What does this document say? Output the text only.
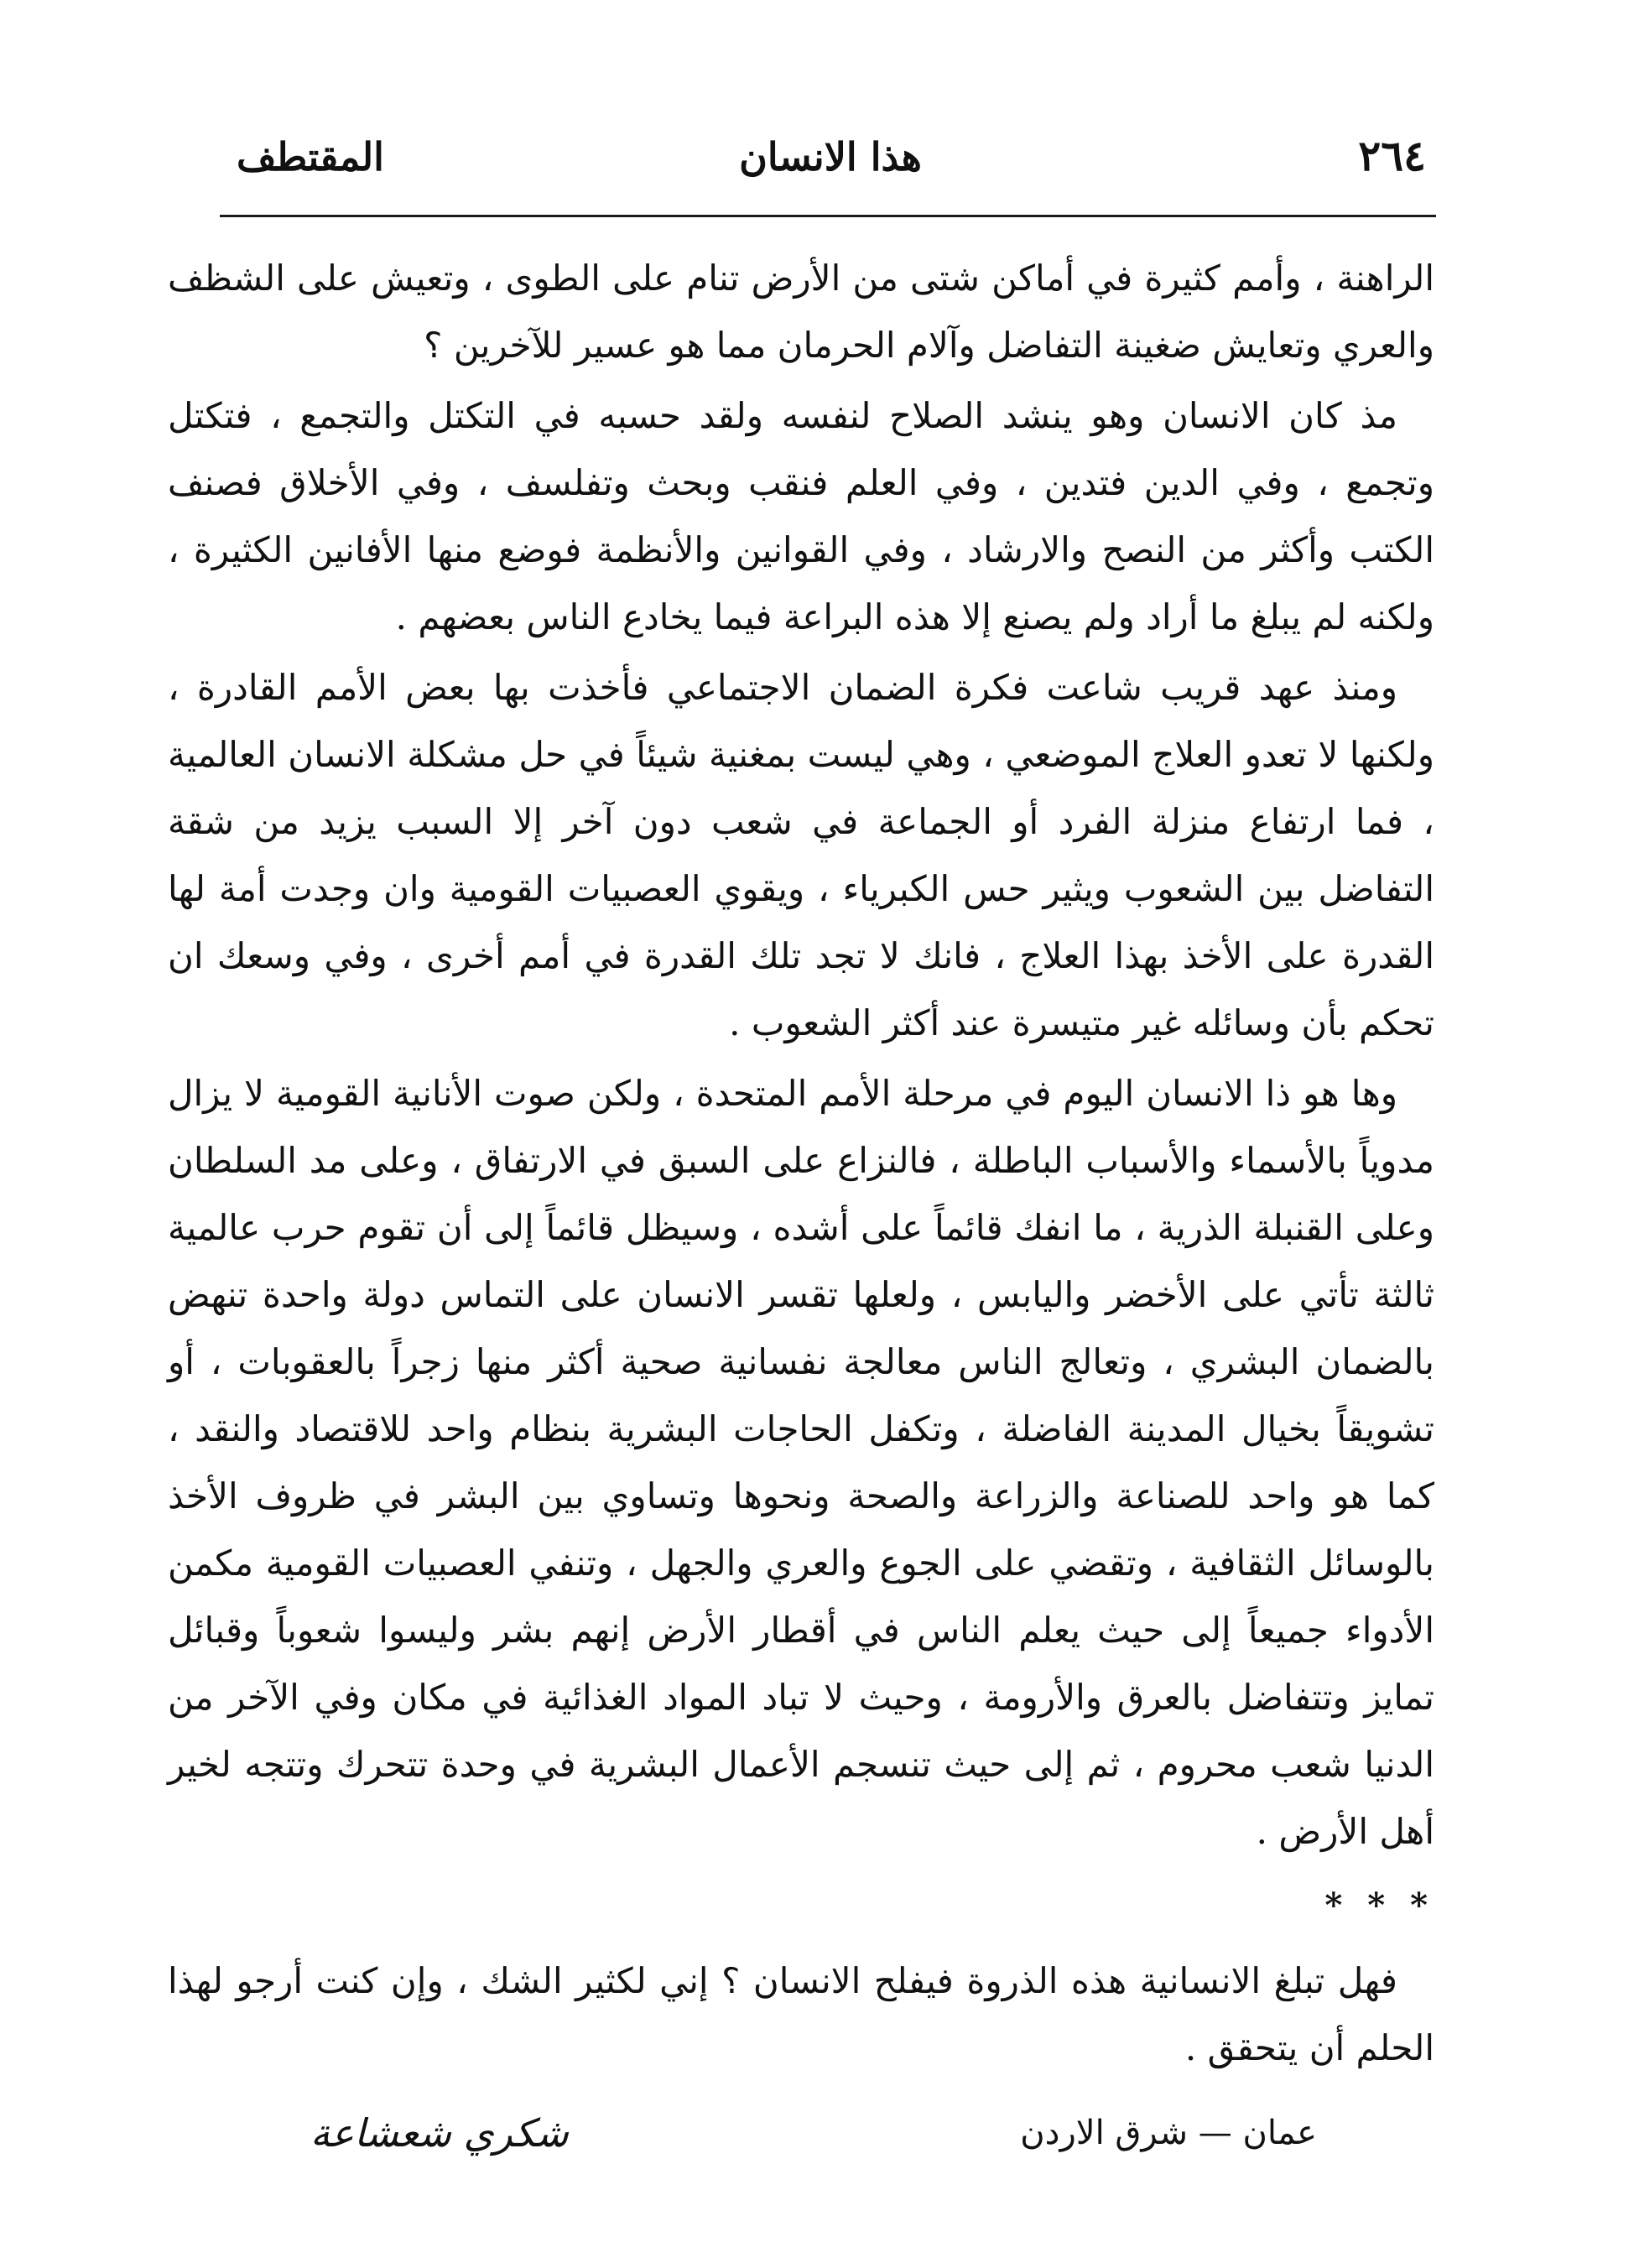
المقتطف	هذا الانسان	٢٦٤

الراهنة ، وأمم كثيرة في أماكن شتى من الأرض تنام على الطوى ، وتعيش على الشظف والعري وتعايش ضغينة التفاضل وآلام الحرمان مما هو عسير للآخرين ؟

مذ كان الانسان وهو ينشد الصلاح لنفسه ولقد حسبه في التكتل والتجمع ، فتكتل وتجمع ، وفي الدين فتدين ، وفي العلم فنقب وبحث وتفلسف ، وفي الأخلاق فصنف الكتب وأكثر من النصح والارشاد ، وفي القوانين والأنظمة فوضع منها الأفانين الكثيرة ، ولكنه لم يبلغ ما أراد ولم يصنع إلا هذه البراعة فيما يخادع الناس بعضهم .

ومنذ عهد قريب شاعت فكرة الضمان الاجتماعي فأخذت بها بعض الأمم القادرة ، ولكنها لا تعدو العلاج الموضعي ، وهي ليست بمغنية شيئاً في حل مشكلة الانسان العالمية ، فما ارتفاع منزلة الفرد أو الجماعة في شعب دون آخر إلا السبب يزيد من شقة التفاضل بين الشعوب ويثير حس الكبرياء ، ويقوي العصبيات القومية وان وجدت أمة لها القدرة على الأخذ بهذا العلاج ، فانك لا تجد تلك القدرة في أمم أخرى ، وفي وسعك ان تحكم بأن وسائله غير متيسرة عند أكثر الشعوب .

وها هو ذا الانسان اليوم في مرحلة الأمم المتحدة ، ولكن صوت الأنانية القومية لا يزال مدوياً بالأسماء والأسباب الباطلة ، فالنزاع على السبق في الارتفاق ، وعلى مد السلطان وعلى القنبلة الذرية ، ما انفك قائماً على أشده ، وسيظل قائماً إلى أن تقوم حرب عالمية ثالثة تأتي على الأخضر واليابس ، ولعلها تقسر الانسان على التماس دولة واحدة تنهض بالضمان البشري ، وتعالج الناس معالجة نفسانية صحية أكثر منها زجراً بالعقوبات ، أو تشويقاً بخيال المدينة الفاضلة ، وتكفل الحاجات البشرية بنظام واحد للاقتصاد والنقد ، كما هو واحد للصناعة والزراعة والصحة ونحوها وتساوي بين البشر في ظروف الأخذ بالوسائل الثقافية ، وتقضي على الجوع والعري والجهل ، وتنفي العصبيات القومية مكمن الأدواء جميعاً إلى حيث يعلم الناس في أقطار الأرض إنهم بشر وليسوا شعوباً وقبائل تمايز وتتفاضل بالعرق والأرومة ، وحيث لا تباد المواد الغذائية في مكان وفي الآخر من الدنيا شعب محروم ، ثم إلى حيث تنسجم الأعمال البشرية في وحدة تتحرك وتتجه لخير أهل الأرض .

* * *

فهل تبلغ الانسانية هذه الذروة فيفلح الانسان ؟ إني لكثير الشك ، وإن كنت أرجو لهذا الحلم أن يتحقق .

عمان — شرق الاردن
شكري شعشاعة
